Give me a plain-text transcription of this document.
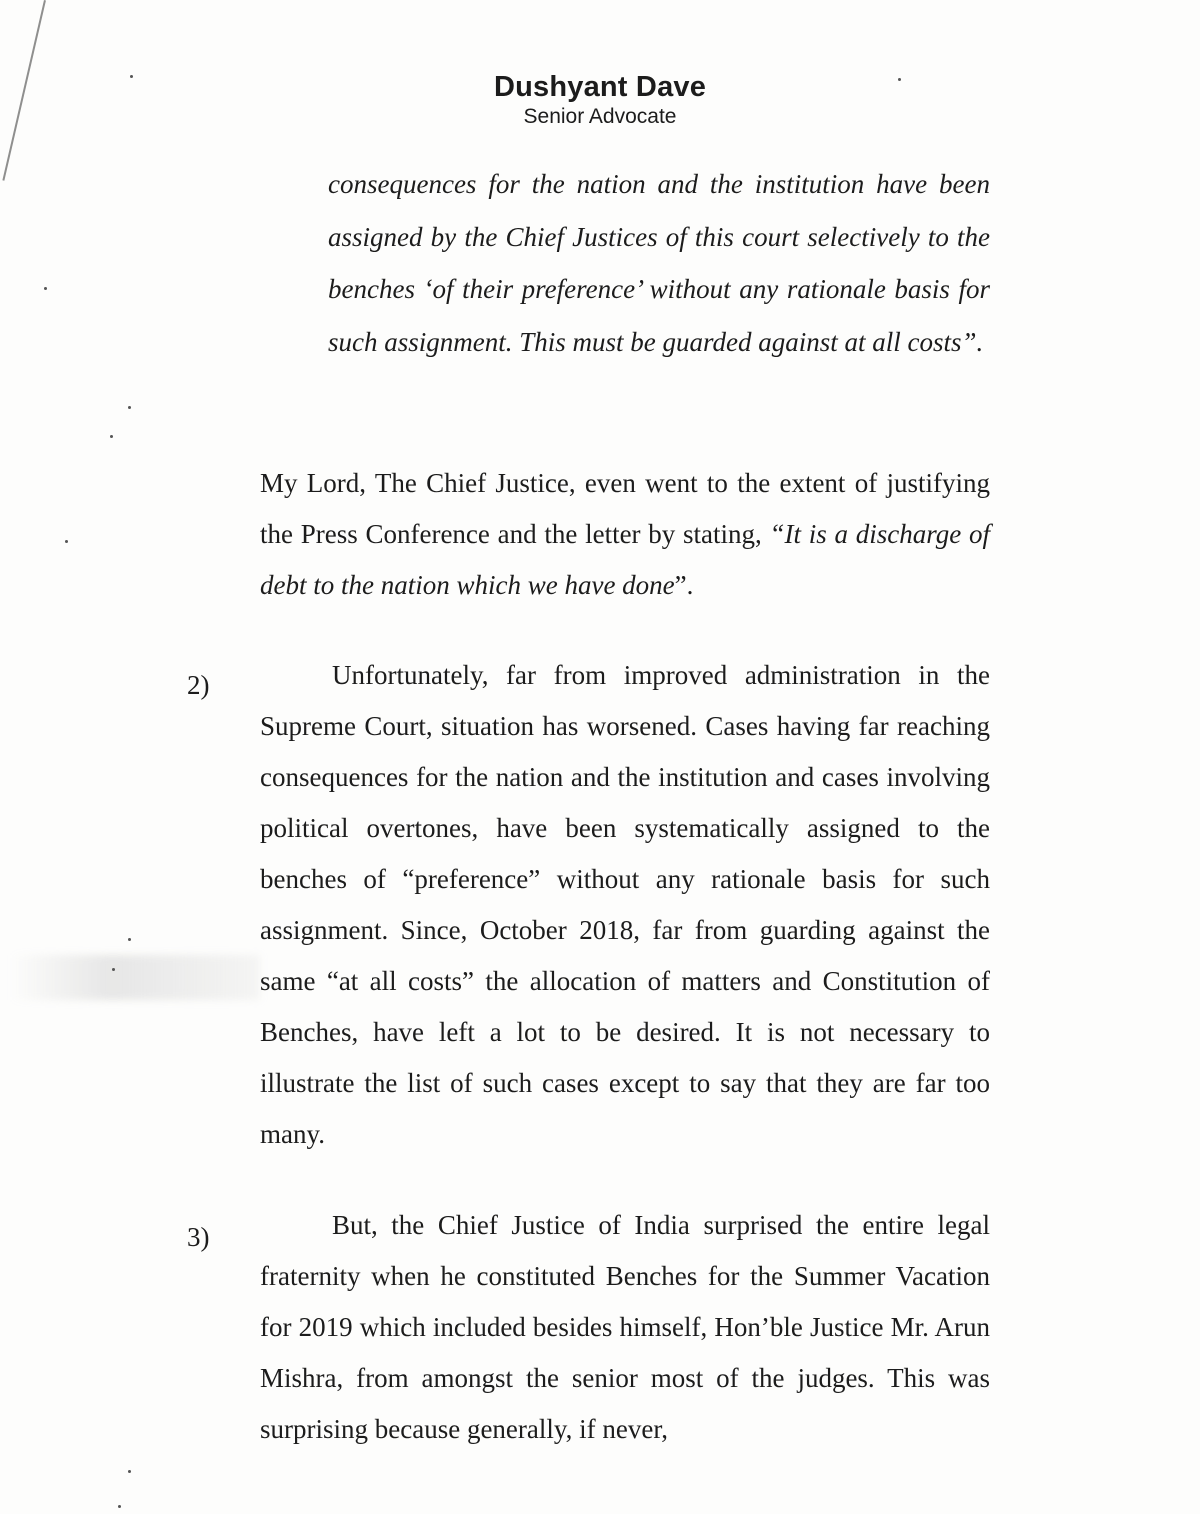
Dushyant Dave
Senior Advocate
consequences for the nation and the institution have been assigned by the Chief Justices of this court selectively to the benches ‘of their preference’ without any rationale basis for such assignment. This must be guarded against at all costs”.
My Lord, The Chief Justice, even went to the extent of justifying the Press Conference and the letter by stating, “It is a discharge of debt to the nation which we have done”.
2)	Unfortunately, far from improved administration in the Supreme Court, situation has worsened. Cases having far reaching consequences for the nation and the institution and cases involving political overtones, have been systematically assigned to the benches of “preference” without any rationale basis for such assignment. Since, October 2018, far from guarding against the same “at all costs” the allocation of matters and Constitution of Benches, have left a lot to be desired. It is not necessary to illustrate the list of such cases except to say that they are far too many.
3)	But, the Chief Justice of India surprised the entire legal fraternity when he constituted Benches for the Summer Vacation for 2019 which included besides himself, Hon’ble Justice Mr. Arun Mishra, from amongst the senior most of the judges. This was surprising because generally, if never,
